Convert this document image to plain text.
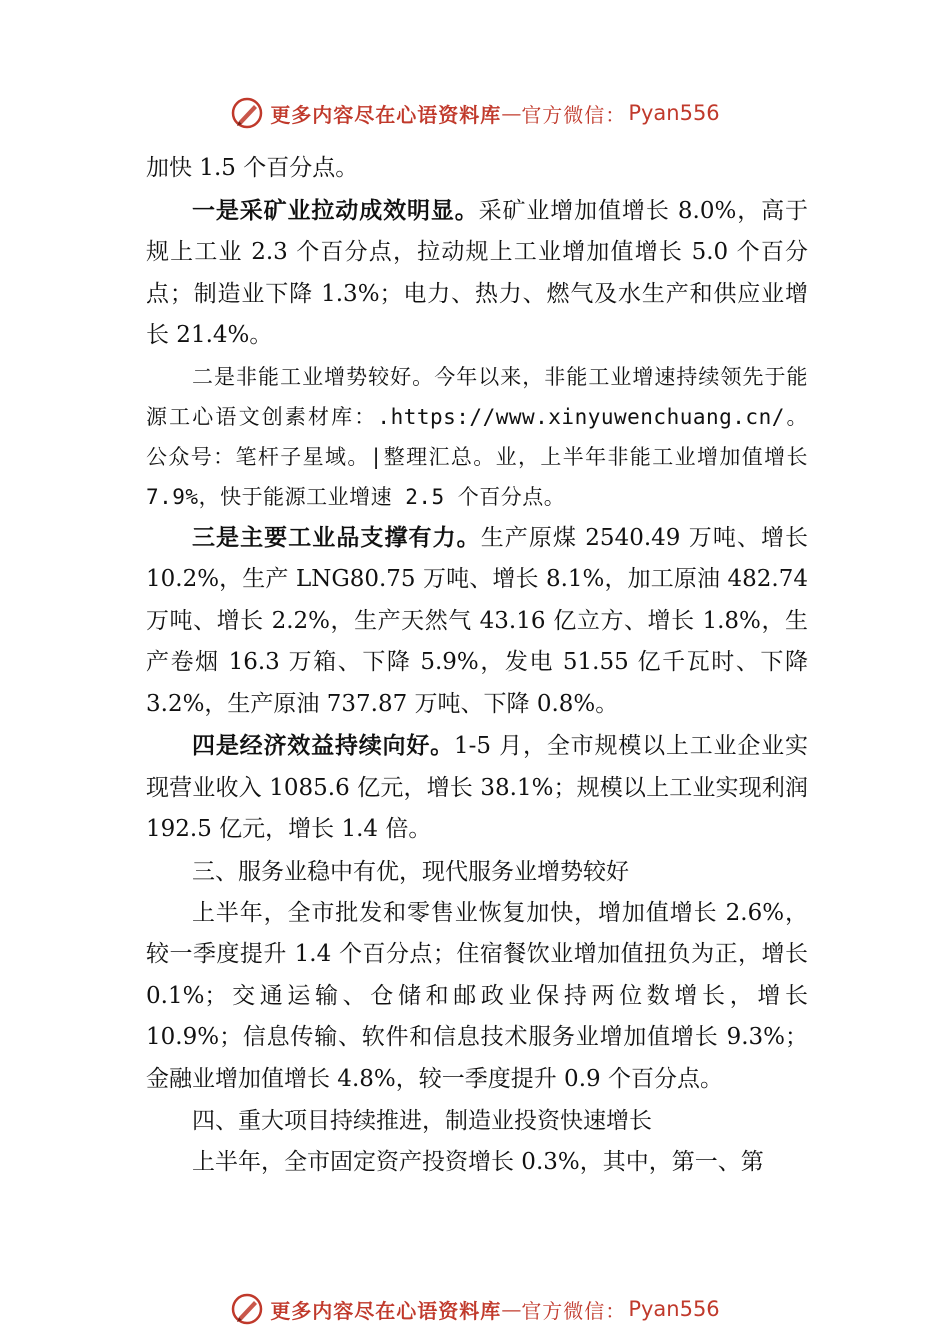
更多内容尽在心语资料库 — 官方微信： Pyan556

加快 1.5 个百分点。

一是采矿业拉动成效明显。采矿业增加值增长 8.0%，高于规上工业 2.3 个百分点，拉动规上工业增加值增长 5.0 个百分点；制造业下降 1.3%；电力、热力、燃气及水生产和供应业增长 21.4%。

二是非能工业增势较好。今年以来，非能工业增速持续领先于能源工心语文创素材库：.https://www.xinyuwenchuang.cn/。公众号：笔杆子星域。|整理汇总。业，上半年非能工业增加值增长 7.9%，快于能源工业增速 2.5 个百分点。

三是主要工业品支撑有力。生产原煤 2540.49 万吨、增长 10.2%，生产 LNG80.75 万吨、增长 8.1%，加工原油 482.74 万吨、增长 2.2%，生产天然气 43.16 亿立方、增长 1.8%，生产卷烟 16.3 万箱、下降 5.9%，发电 51.55 亿千瓦时、下降 3.2%，生产原油 737.87 万吨、下降 0.8%。

四是经济效益持续向好。1-5 月，全市规模以上工业企业实现营业收入 1085.6 亿元，增长 38.1%；规模以上工业实现利润 192.5 亿元，增长 1.4 倍。

三、服务业稳中有优，现代服务业增势较好

上半年，全市批发和零售业恢复加快，增加值增长 2.6%，较一季度提升 1.4 个百分点；住宿餐饮业增加值扭负为正，增长 0.1%；交通运输、仓储和邮政业保持两位数增长，增长 10.9%；信息传输、软件和信息技术服务业增加值增长 9.3%；金融业增加值增长 4.8%，较一季度提升 0.9 个百分点。

四、重大项目持续推进，制造业投资快速增长

上半年，全市固定资产投资增长 0.3%，其中，第一、第

更多内容尽在心语资料库 — 官方微信： Pyan556
